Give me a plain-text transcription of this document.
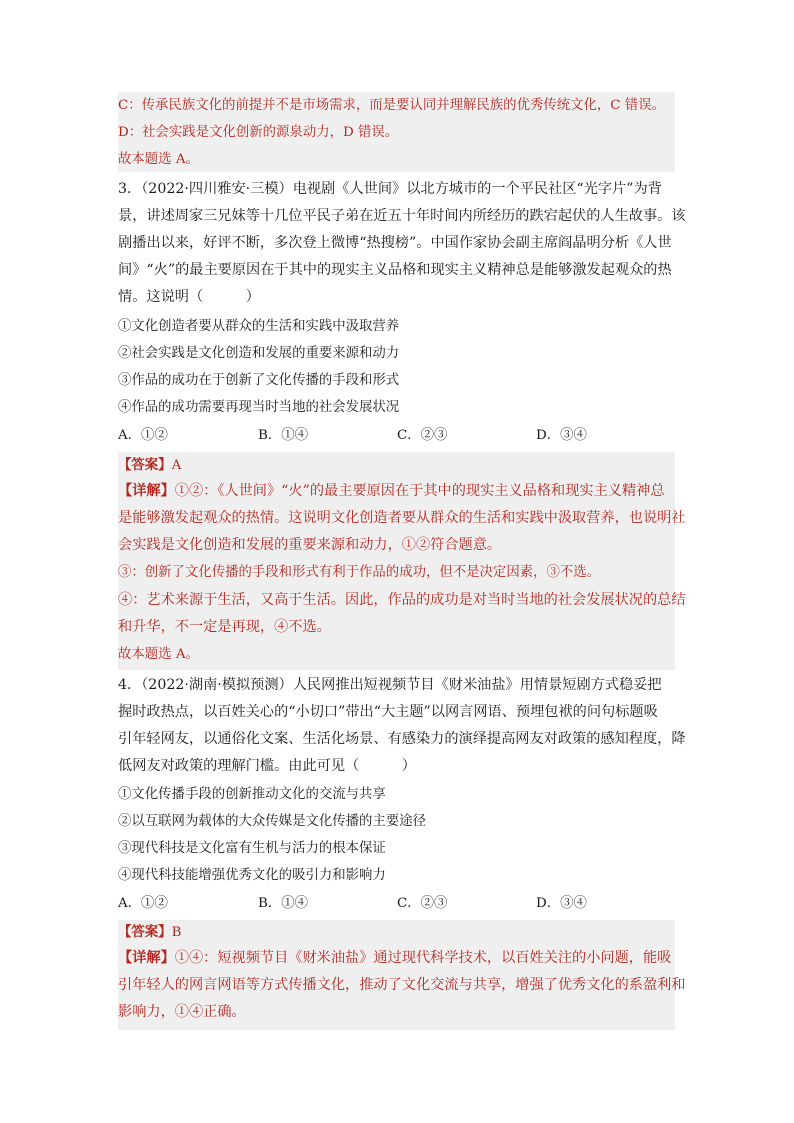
C：传承民族文化的前提并不是市场需求，而是要认同并理解民族的优秀传统文化，C 错误。
D：社会实践是文化创新的源泉动力，D 错误。
故本题选 A。
3．（2022·四川雅安·三模）电视剧《人世间》以北方城市的一个平民社区“光字片”为背
景，讲述周家三兄妹等十几位平民子弟在近五十年时间内所经历的跌宕起伏的人生故事。该
剧播出以来，好评不断，多次登上微博“热搜榜”。中国作家协会副主席阎晶明分析《人世
间》“火”的最主要原因在于其中的现实主义品格和现实主义精神总是能够激发起观众的热
情。这说明（　　　）
①文化创造者要从群众的生活和实践中汲取营养
②社会实践是文化创造和发展的重要来源和动力
③作品的成功在于创新了文化传播的手段和形式
④作品的成功需要再现当时当地的社会发展状况
A．①②	B．①④	C．②③	D．③④
【答案】A
【详解】①②：《人世间》“火”的最主要原因在于其中的现实主义品格和现实主义精神总
是能够激发起观众的热情。这说明文化创造者要从群众的生活和实践中汲取营养，也说明社
会实践是文化创造和发展的重要来源和动力，①②符合题意。
③：创新了文化传播的手段和形式有利于作品的成功，但不是决定因素，③不选。
④：艺术来源于生活，又高于生活。因此，作品的成功是对当时当地的社会发展状况的总结
和升华，不一定是再现，④不选。
故本题选 A。
4．（2022·湖南·模拟预测）人民网推出短视频节目《财米油盐》用情景短剧方式稳妥把
握时政热点，以百姓关心的“小切口”带出“大主题”以网言网语、预埋包袱的问句标题吸
引年轻网友，以通俗化文案、生活化场景、有感染力的演绎提高网友对政策的感知程度，降
低网友对政策的理解门槛。由此可见（　　　）
①文化传播手段的创新推动文化的交流与共享
②以互联网为载体的大众传媒是文化传播的主要途径
③现代科技是文化富有生机与活力的根本保证
④现代科技能增强优秀文化的吸引力和影响力
A．①②	B．①④	C．②③	D．③④
【答案】B
【详解】①④：短视频节目《财米油盐》通过现代科学技术，以百姓关注的小问题，能吸
引年轻人的网言网语等方式传播文化，推动了文化交流与共享，增强了优秀文化的系盈利和
影响力，①④正确。
